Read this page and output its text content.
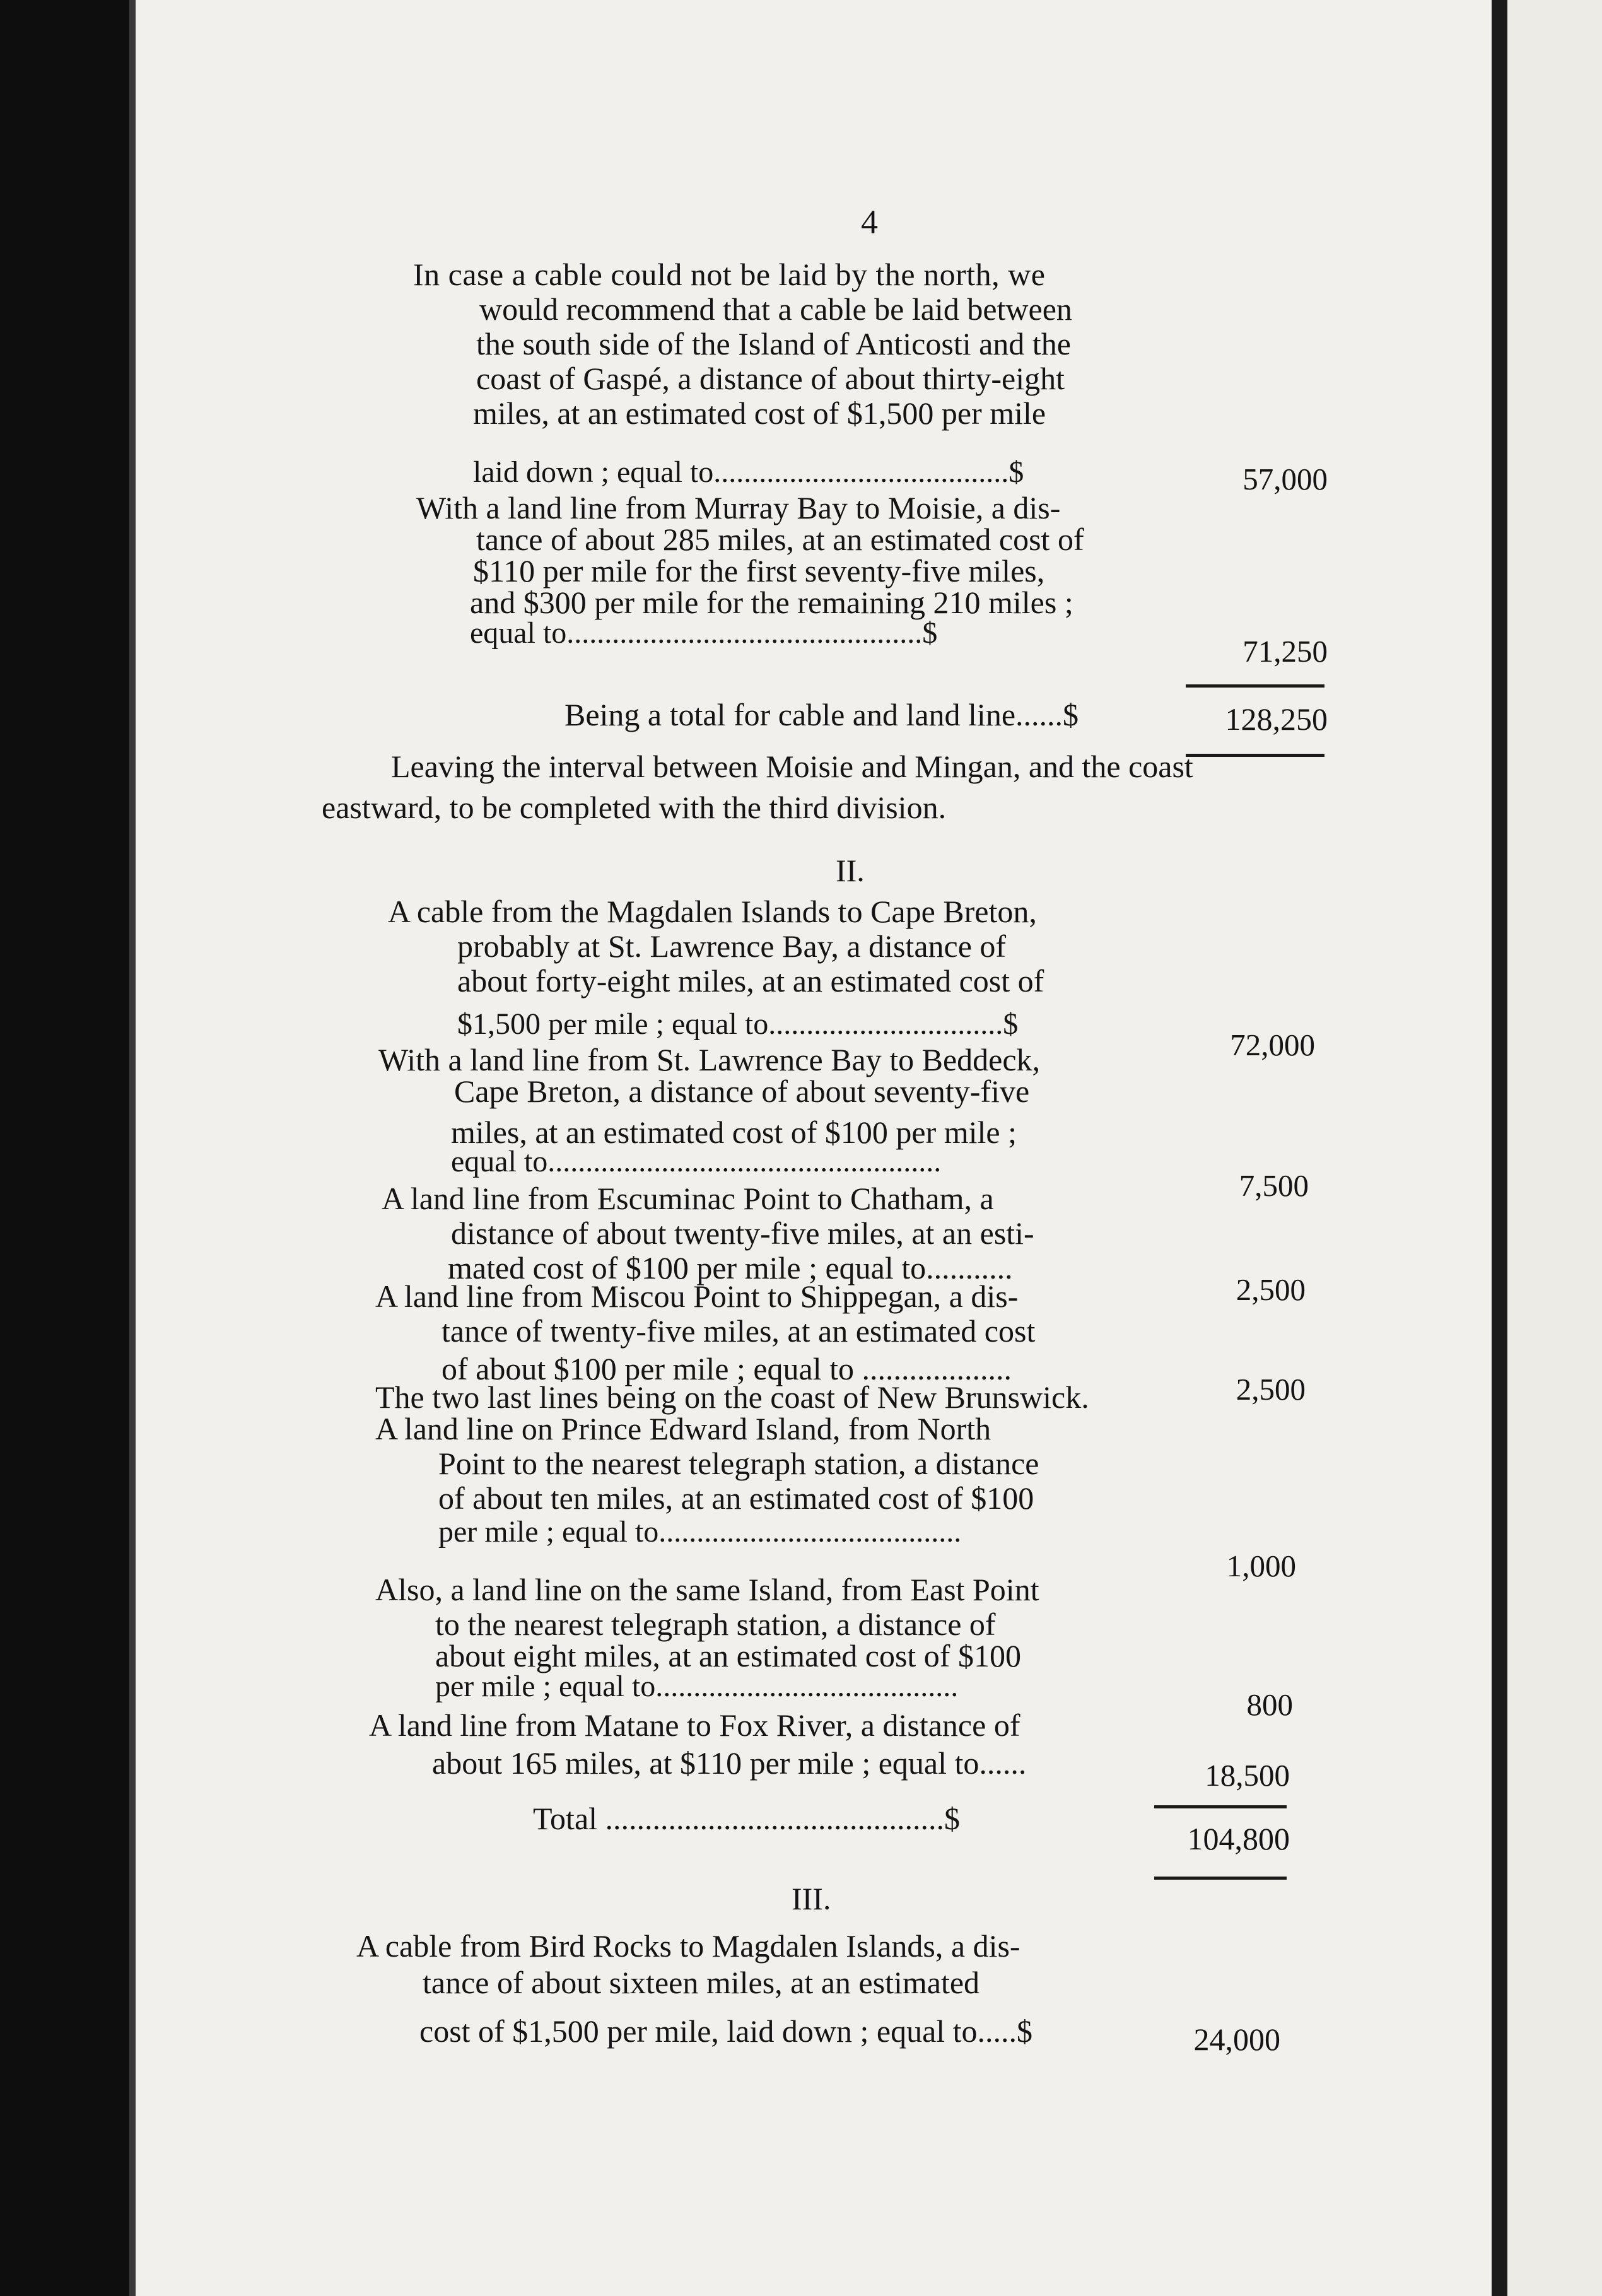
4
In case a cable could not be laid by the north, we
would recommend that a cable be laid between
the south side of the Island of Anticosti and the
coast of Gaspé, a distance of about thirty-eight
miles, at an estimated cost of $1,500 per mile
laid down ; equal to.......................................$	57,000
With a land line from Murray Bay to Moisie, a dis-
tance of about 285 miles, at an estimated cost of
$110 per mile for the first seventy-five miles,
and $300 per mile for the remaining 210 miles ;
equal to...............................................$
71,250
Being a total for cable and land line......$	128,250
Leaving the interval between Moisie and Mingan, and the coast
eastward, to be completed with the third division.
II.
A cable from the Magdalen Islands to Cape Breton,
probably at St. Lawrence Bay, a distance of
about forty-eight miles, at an estimated cost of
$1,500 per mile ; equal to...............................$
72,000
With a land line from St. Lawrence Bay to Beddeck,
Cape Breton, a distance of about seventy-five
miles, at an estimated cost of $100 per mile ;
equal to....................................................
7,500
A land line from Escuminac Point to Chatham, a
distance of about twenty-five miles, at an esti-
mated cost of $100 per mile ; equal to...........
2,500
A land line from Miscou Point to Shippegan, a dis-
tance of twenty-five miles, at an estimated cost
of about $100 per mile ; equal to ...................
2,500
The two last lines being on the coast of New Brunswick.
A land line on Prince Edward Island, from North
Point to the nearest telegraph station, a distance
of about ten miles, at an estimated cost of $100
per mile ; equal to........................................
1,000
Also, a land line on the same Island, from East Point
to the nearest telegraph station, a distance of
about eight miles, at an estimated cost of $100
per mile ; equal to........................................
800
A land line from Matane to Fox River, a distance of
about 165 miles, at $110 per mile ; equal to......	18,500
Total ...........................................$
104,800
III.
A cable from Bird Rocks to Magdalen Islands, a dis-
tance of about sixteen miles, at an estimated
cost of $1,500 per mile, laid down ; equal to.....$	24,000
